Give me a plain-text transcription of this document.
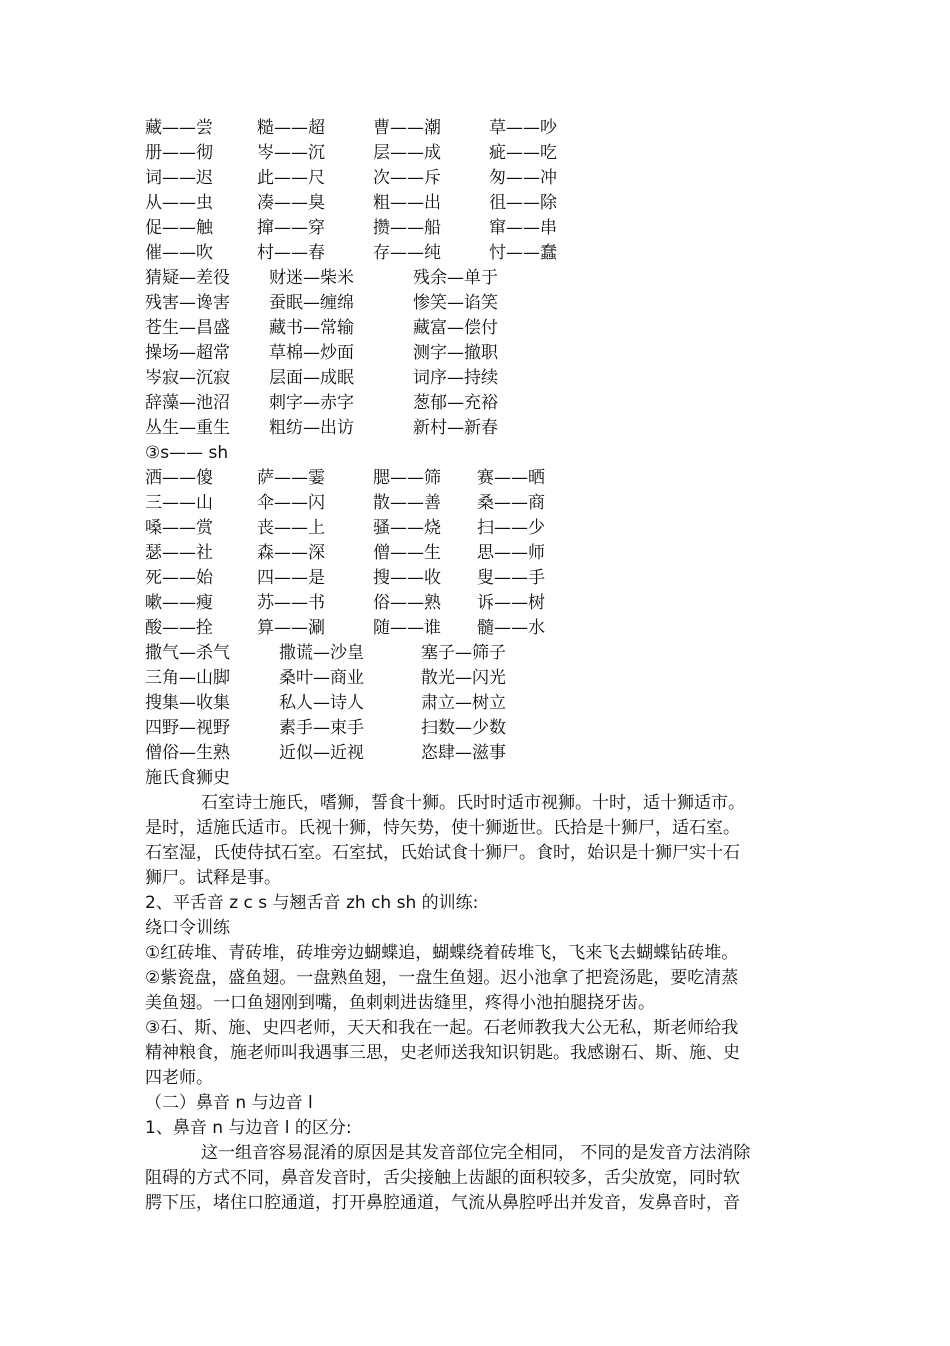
藏——尝	糙——超	曹——潮	草——吵
册——彻	岑——沉	层——成	疵——吃
词——迟	此——尺	次——斥	匆——冲
从——虫	凑——臭	粗——出	徂——除
促——触	撺——穿	攒——船	窜——串
催——吹	村——春	存——纯	忖——蠢
猜疑—差役 财迷—柴米	残余—单于
残害—谗害 蚕眠—缠绵	惨笑—谄笑
苍生—昌盛 藏书—常输	藏富—偿付
操场—超常 草棉—炒面	测字—撤职
岑寂—沉寂 层面—成眠	词序—持续
辞藻—池沼 刺字—赤字	葱郁—充裕
丛生—重生 粗纺—出访	新村—新春
③s—— sh
洒——傻	萨——霎	腮——筛 赛——晒
三——山	伞——闪	散——善 桑——商
嗓——赏	丧——上	骚——烧 扫——少
瑟——社	森——深	僧——生 思——师
死——始	四——是	搜——收 叟——手
嗽——瘦	苏——书	俗——熟 诉——树
酸——拴	算——涮	随——谁 髓——水
撒气—杀气	撒谎—沙皇	塞子—筛子
三角—山脚	桑叶—商业	散光—闪光
搜集—收集	私人—诗人	肃立—树立
四野—视野	素手—束手	扫数—少数
僧俗—生熟	近似—近视	恣肆—滋事
施氏食狮史
石室诗士施氏，嗜狮，誓食十狮。氏时时适市视狮。十时，适十狮适市。
是时，适施氏适市。氏视十狮，恃矢势，使十狮逝世。氏拾是十狮尸，适石室。
石室湿，氏使侍拭石室。石室拭，氏始试食十狮尸。食时，始识是十狮尸实十石
狮尸。试释是事。
2、平舌音 z c s 与翘舌音 zh ch sh 的训练:
绕口令训练
①红砖堆、青砖堆，砖堆旁边蝴蝶追，蝴蝶绕着砖堆飞，飞来飞去蝴蝶钻砖堆。
②紫瓷盘，盛鱼翅。一盘熟鱼翅，一盘生鱼翅。迟小池拿了把瓷汤匙，要吃清蒸
美鱼翅。一口鱼翅刚到嘴，鱼刺刺进齿缝里，疼得小池拍腿挠牙齿。
③石、斯、施、史四老师，天天和我在一起。石老师教我大公无私，斯老师给我
精神粮食，施老师叫我遇事三思，史老师送我知识钥匙。我感谢石、斯、施、史
四老师。
（二）鼻音 n 与边音 l
1、鼻音 n 与边音 l 的区分:
这一组音容易混淆的原因是其发音部位完全相同， 不同的是发音方法消除
阻碍的方式不同，鼻音发音时，舌尖接触上齿龈的面积较多，舌尖放宽，同时软
腭下压，堵住口腔通道，打开鼻腔通道，气流从鼻腔呼出并发音，发鼻音时，音
